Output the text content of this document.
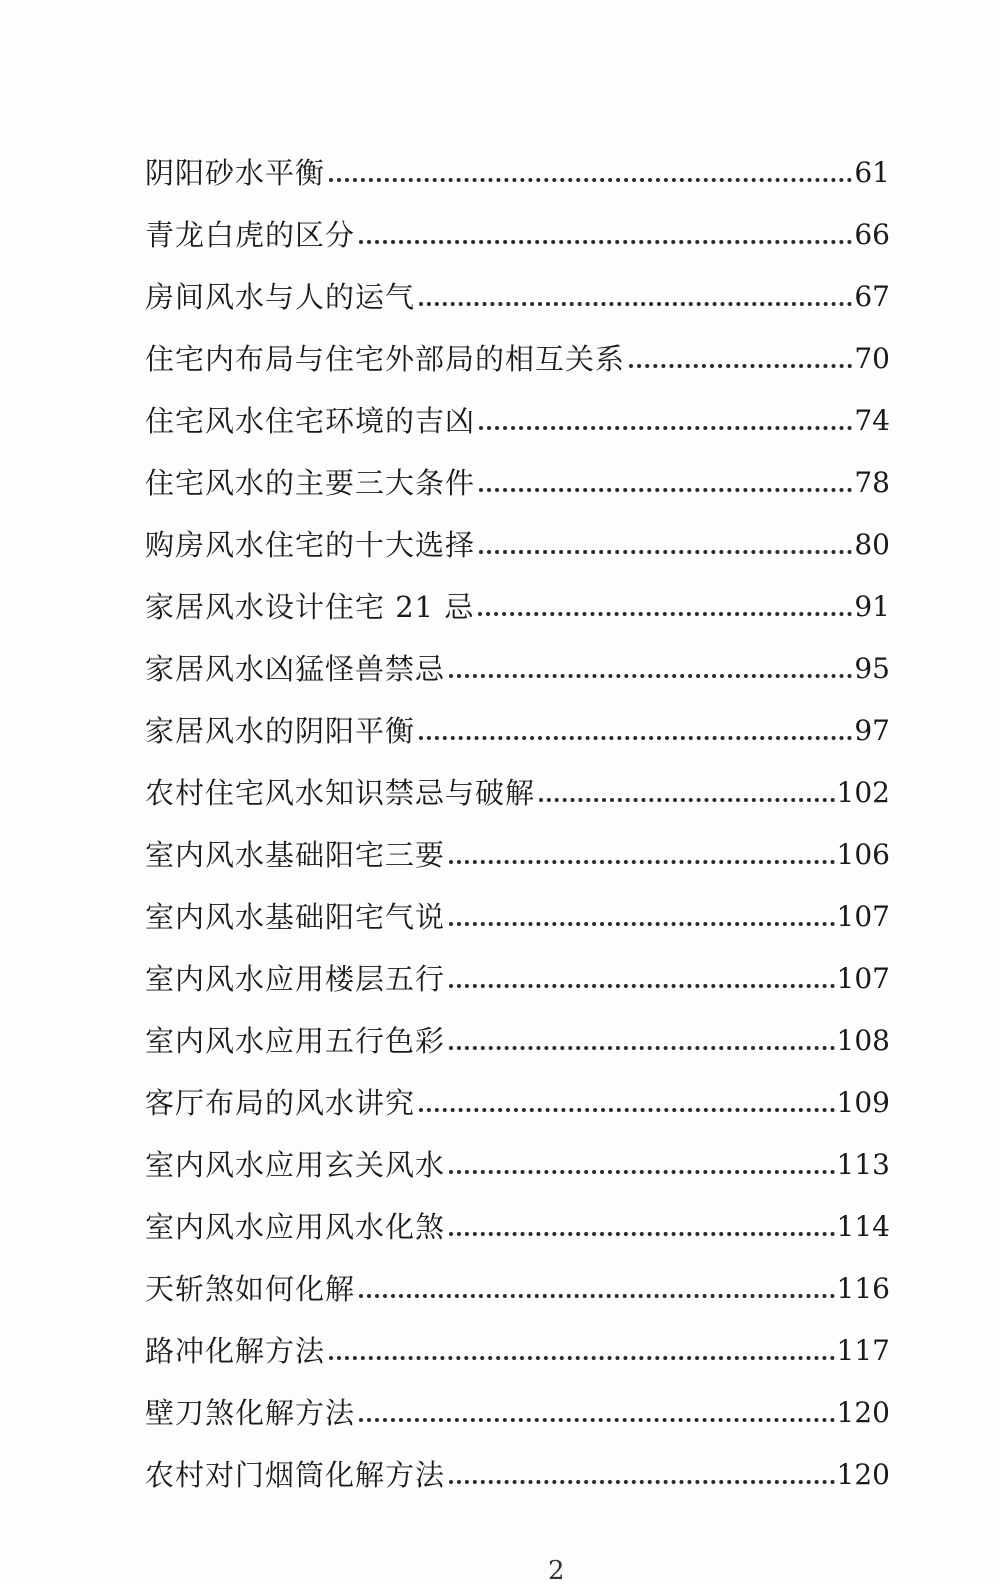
阴阳砂水平衡	61
青龙白虎的区分	66
房间风水与人的运气	67
住宅内布局与住宅外部局的相互关系	70
住宅风水住宅环境的吉凶	74
住宅风水的主要三大条件	78
购房风水住宅的十大选择	80
家居风水设计住宅 21 忌	91
家居风水凶猛怪兽禁忌	95
家居风水的阴阳平衡	97
农村住宅风水知识禁忌与破解	102
室内风水基础阳宅三要	106
室内风水基础阳宅气说	107
室内风水应用楼层五行	107
室内风水应用五行色彩	108
客厅布局的风水讲究	109
室内风水应用玄关风水	113
室内风水应用风水化煞	114
天斩煞如何化解	116
路冲化解方法	117
壁刀煞化解方法	120
农村对门烟筒化解方法	120
2
